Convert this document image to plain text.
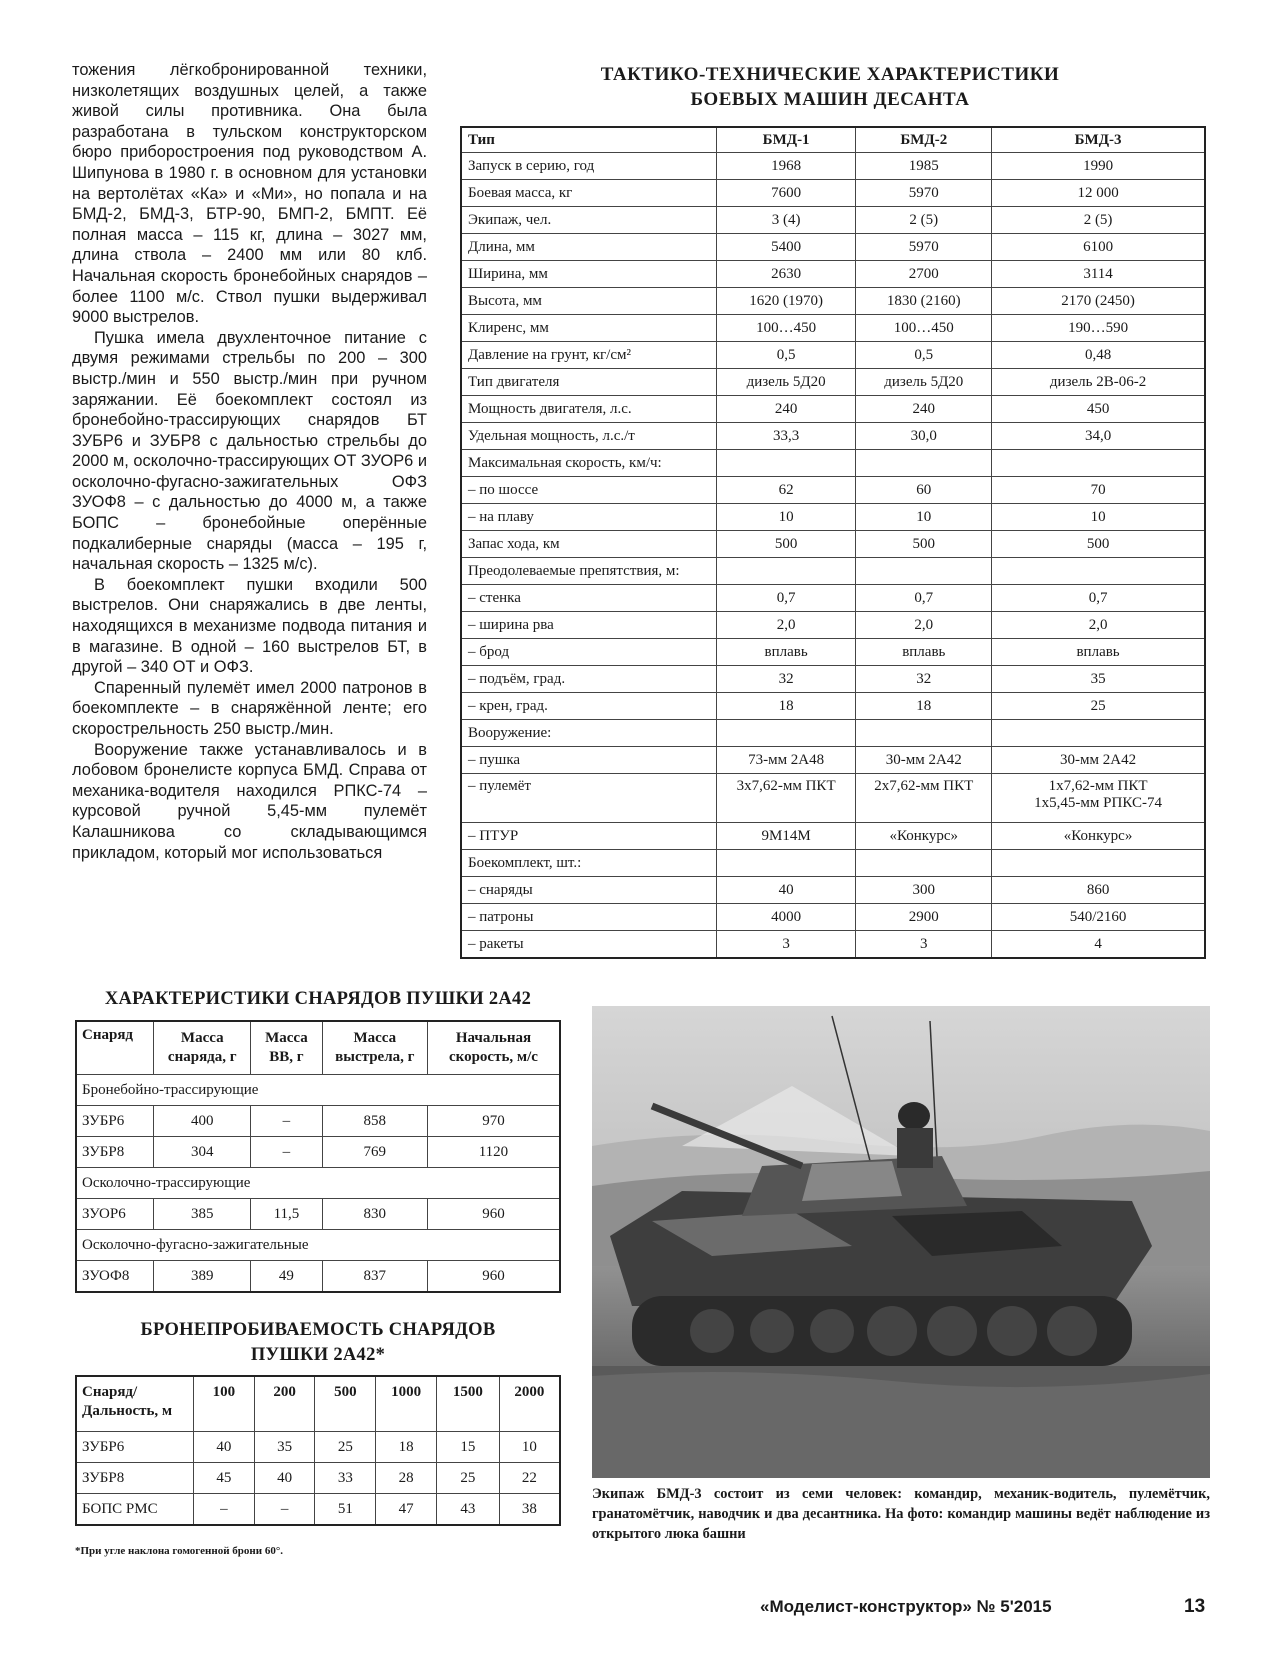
тожения лёгкобронированной техники, низколетящих воздушных целей, а также живой силы противника. Она была разработана в тульском конструкторском бюро приборостроения под руководством А. Шипунова в 1980 г. в основном для установки на вертолётах «Ка» и «Ми», но попала и на БМД-2, БМД-3, БТР-90, БМП-2, БМПТ. Её полная масса – 115 кг, длина – 3027 мм, длина ствола – 2400 мм или 80 клб. Начальная скорость бронебойных снарядов – более 1100 м/с. Ствол пушки выдерживал 9000 выстрелов.

Пушка имела двухленточное питание с двумя режимами стрельбы по 200 – 300 выстр./мин и 550 выстр./мин при ручном заряжании. Её боекомплект состоял из бронебойно-трассирующих снарядов БТ ЗУБР6 и ЗУБР8 с дальностью стрельбы до 2000 м, осколочно-трассирующих ОТ ЗУОР6 и осколочно-фугасно-зажигательных ОФЗ ЗУОФ8 – с дальностью до 4000 м, а также БОПС – бронебойные оперённые подкалиберные снаряды (масса – 195 г, начальная скорость – 1325 м/с).

В боекомплект пушки входили 500 выстрелов. Они снаряжались в две ленты, находящихся в механизме подвода питания и в магазине. В одной – 160 выстрелов БТ, в другой – 340 ОТ и ОФЗ.

Спаренный пулемёт имел 2000 патронов в боекомплекте – в снаряжённой ленте; его скорострельность 250 выстр./мин.

Вооружение также устанавливалось и в лобовом бронелисте корпуса БМД. Справа от механика-водителя находился РПКС-74 – курсовой ручной 5,45-мм пулемёт Калашникова со складывающимся прикладом, который мог использоваться

ТАКТИКО-ТЕХНИЧЕСКИЕ ХАРАКТЕРИСТИКИ
БОЕВЫХ МАШИН ДЕСАНТА
Тип	БМД-1	БМД-2	БМД-3
Запуск в серию, год	1968	1985	1990
Боевая масса, кг	7600	5970	12 000
Экипаж, чел.	3 (4)	2 (5)	2 (5)
Длина, мм	5400	5970	6100
Ширина, мм	2630	2700	3114
Высота, мм	1620 (1970)	1830 (2160)	2170 (2450)
Клиренс, мм	100…450	100…450	190…590
Давление на грунт, кг/см²	0,5	0,5	0,48
Тип двигателя	дизель 5Д20	дизель 5Д20	дизель 2В-06-2
Мощность двигателя, л.с.	240	240	450
Удельная мощность, л.с./т	33,3	30,0	34,0
Максимальная скорость, км/ч:			
– по шоссе	62	60	70
– на плаву	10	10	10
Запас хода, км	500	500	500
Преодолеваемые препятствия, м:			
– стенка	0,7	0,7	0,7
– ширина рва	2,0	2,0	2,0
– брод	вплавь	вплавь	вплавь
– подъём, град.	32	32	35
– крен, град.	18	18	25
Вооружение:			
– пушка	73-мм 2А48	30-мм 2А42	30-мм 2А42
– пулемёт	3х7,62-мм ПКТ	2х7,62-мм ПКТ	1х7,62-мм ПКТ
1х5,45-мм РПКС-74

– ПТУР	9М14М	«Конкурс»	«Конкурс»
Боекомплект, шт.:			
– снаряды	40	300	860
– патроны	4000	2900	540/2160
– ракеты	3	3	4
ХАРАКТЕРИСТИКИ СНАРЯДОВ ПУШКИ 2А42
Снаряд	Масса снаряда, г	Масса ВВ, г	Масса выстрела, г	Начальная скорость, м/с
Бронебойно-трассирующие				
ЗУБР6	400	–	858	970
ЗУБР8	304	–	769	1120
Осколочно-трассирующие				
ЗУОР6	385	11,5	830	960
Осколочно-фугасно-зажигательные				
ЗУОФ8	389	49	837	960
БРОНЕПРОБИВАЕМОСТЬ СНАРЯДОВ
ПУШКИ 2А42*
Снаряд/ Дальность, м	100	200	500	1000	1500	2000
ЗУБР6	40	35	25	18	15	10
ЗУБР8	45	40	33	28	25	22
БОПС РМС	–	–	51	47	43	38
*При угле наклона гомогенной брони 60°.
Экипаж БМД-3 состоит из семи человек: командир, механик-водитель, пулемётчик, гранатомётчик, наводчик и два десантника. На фото: командир машины ведёт наблюдение из открытого люка башни
«Моделист-конструктор» № 5'2015	13
